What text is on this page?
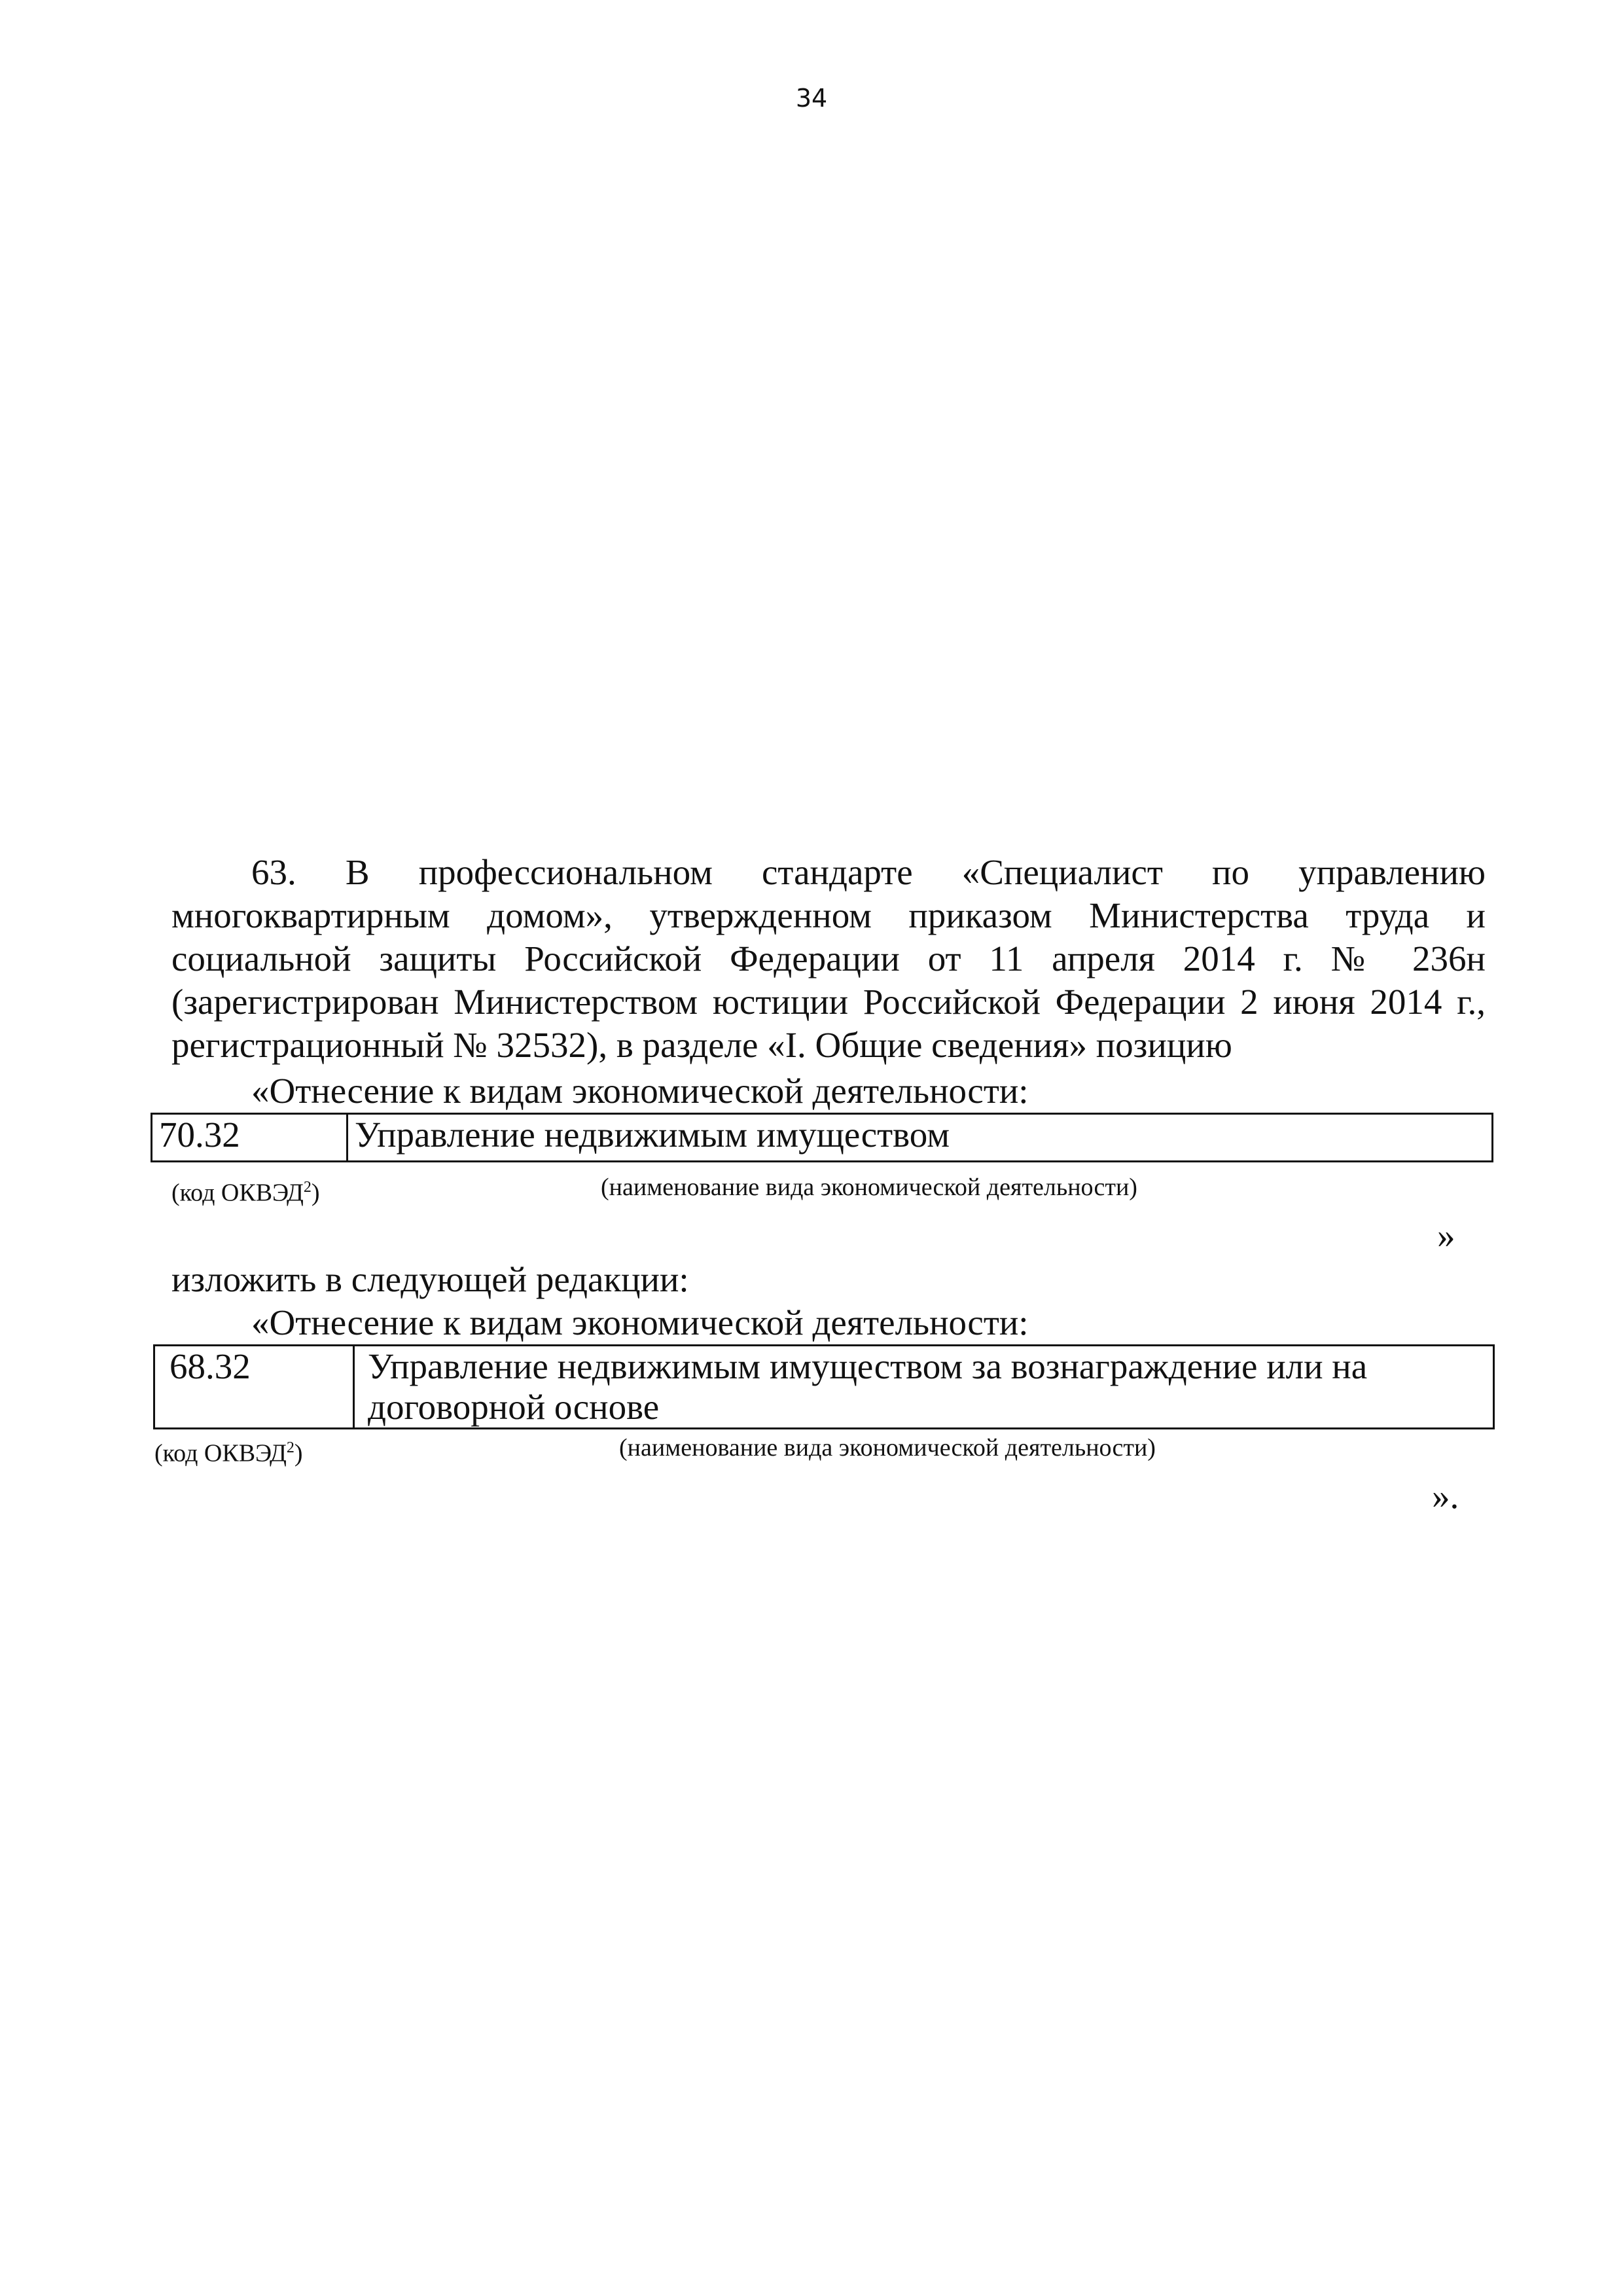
34
63. В профессиональном стандарте «Специалист по управлению многоквартирным домом», утвержденном приказом Министерства труда и социальной защиты Российской Федерации от 11 апреля 2014 г. № 236н (зарегистрирован Министерством юстиции Российской Федерации 2 июня 2014 г., регистрационный № 32532), в разделе «I. Общие сведения» позицию
«Отнесение к видам экономической деятельности:
70.32	Управление недвижимым имуществом
(код ОКВЭД$^2$)	(наименование вида экономической деятельности)
»
изложить в следующей редакции:
«Отнесение к видам экономической деятельности:
68.32	Управление недвижимым имуществом за вознаграждение или на договорной основе
(код ОКВЭД$^2$)	(наименование вида экономической деятельности)
».
